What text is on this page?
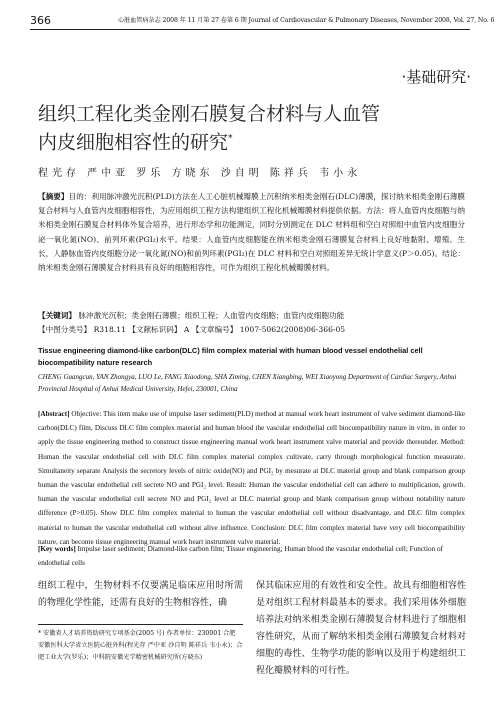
366	心脏血管病杂志 2008 年 11 月第 27 卷第 6 期 Journal of Cardiovascular & Pulmonary Diseases, November 2008, Vol. 27, No. 6
·基础研究·
组织工程化类金刚石膜复合材料与人血管内皮细胞相容性的研究*
程光存 严中亚 罗乐 方晓东 沙自明 陈祥兵 韦小永

【摘要】目的：利用脉冲激光沉积(PLD)方法在人工心脏机械瓣膜上沉积纳米相类金刚石(DLC)薄膜，探讨纳米相类金刚石薄膜复合材料与人血管内皮细胞相容性，为应用组织工程方法构建组织工程化机械瓣膜材料提供依据。方法：将人血管内皮细胞与纳米相类金刚石膜复合材料体外复合培养，进行形态学和功能测定，同时分别测定在 DLC 材料组和空白对照组中血管内皮细胞分泌一氧化氮(NO)、前列环素(PGI₂)水平。结果：人血管内皮细胞能在纳米相类金刚石薄膜复合材料上良好地黏附、增殖、生长，人静脉血管内皮细胞分泌一氧化氮(NO)和前列环素(PGI₂)在 DLC 材料和空白对照组差异无统计学意义(P＞0.05)。结论：纳米相类金刚石薄膜复合材料具有良好的细胞相容性，可作为组织工程化机械瓣膜材料。

【关键词】 脉冲激光沉积；类金刚石薄膜；组织工程；人血管内皮细胞；血管内皮细胞功能
【中图分类号】 R318.11 【文献标识码】 A 【文章编号】 1007-5062(2008)06-366-05
Tissue engineering diamond-like carbon(DLC) film complex material with human blood vessel endothelial cell biocompatibility nature research
CHENG Guangcun, YAN Zhongya, LUO Le, FANG Xiaodong, SHA Ziming, CHEN Xiangbing, WEI Xiaoyong Department of Cardiac Surgery, Anhui Provincial Hospital of Anhui Medical University, Hefei, 230001, China

[Abstract] Objective: This item make use of impulse laser sediment(PLD) method at manual work heart instrument of valve sediment diamond-like carbon(DLC) film, Discuss DLC film complex material and human blood the vascular endothelial cell biocompatibility nature in vitro, in order to apply the tissue engineering method to construct tissue engineering manual work heart instrument valve material and provide thereunder. Method: Human the vascular endothelial cell with DLC film complex material complex cultivate, carry through morphological function measurate. Simultaneity separate Analysis the secretory levels of nitric oxide(NO) and PGI₂ by mesurate at DLC material group and blank comparison group human the vascular endothelial cell secrete NO and PGI₂ level. Result: Human the vascular endothelial cell can adhere to multiplication, growth. human the vascular endothelial cell secrete NO and PGI₂ level at DLC material group and blank comparison group without notability nature difference (P>0.05). Show DLC film complex material to human the vascular endothelial cell without disadvantage, and DLC film complex material to human the vascular endothelial cell without alive influence. Conclusion: DLC film complex material have very cell biocompatibility nature, can become tissue engineering manual work heart instrument valve material.

[Key words] Impulse laser sediment; Diamond-like carbon film; Tissue engineering; Human blood the vascular endothelial cell; Function of endothelial cells
组织工程中，生物材料不仅要满足临床应用时所需的物理化学性能，还需有良好的生物相容性，确
保其临床应用的有效性和安全性。故具有细胞相容性是对组织工程材料最基本的要求。我们采用体外细胞培养法对纳米相类金刚石薄膜复合材料进行了细胞相容性研究，从而了解纳米相类金刚石薄膜复合材料对细胞的毒性、生物学功能的影响以及用于构建组织工程化瓣膜材料的可行性。
* 安徽省人才培养资助研究专项基金(2005 号) 作者单位：230001 合肥 安徽医科大学省立医院心脏外科(程光存 严中亚 沙自明 陈祥兵 韦小永)；合肥工业大学(罗乐)；中科院安徽光学精密机械研究所(方晓东)
